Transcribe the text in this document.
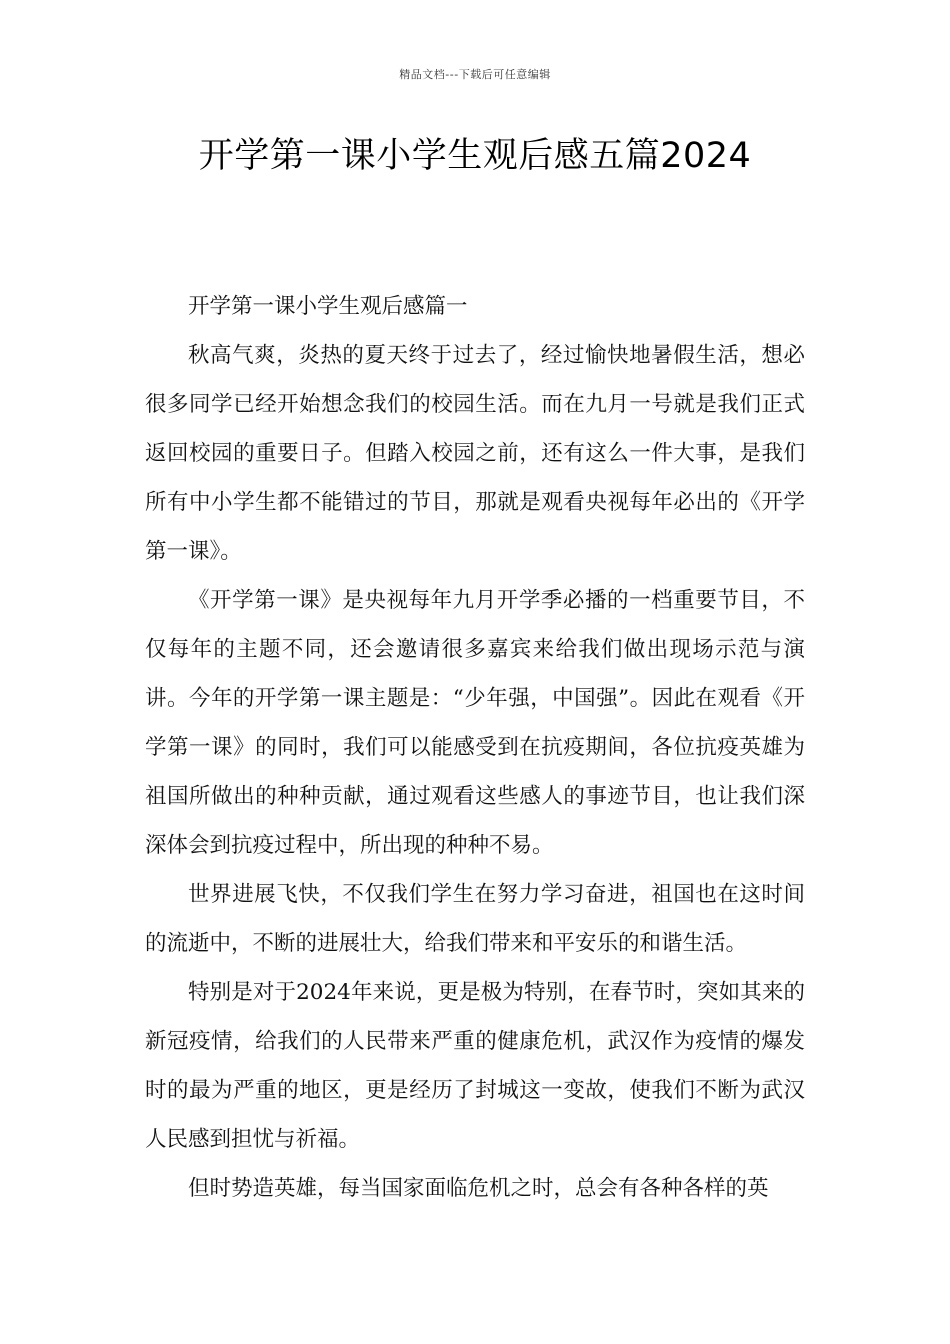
精品文档---下载后可任意编辑
开学第一课小学生观后感五篇2024

开学第一课小学生观后感篇一

秋高气爽，炎热的夏天终于过去了，经过愉快地暑假生活，想必很多同学已经开始想念我们的校园生活。而在九月一号就是我们正式返回校园的重要日子。但踏入校园之前，还有这么一件大事，是我们所有中小学生都不能错过的节目，那就是观看央视每年必出的《开学第一课》。

《开学第一课》是央视每年九月开学季必播的一档重要节目，不仅每年的主题不同，还会邀请很多嘉宾来给我们做出现场示范与演讲。今年的开学第一课主题是：“少年强，中国强”。因此在观看《开学第一课》的同时，我们可以能感受到在抗疫期间，各位抗疫英雄为祖国所做出的种种贡献，通过观看这些感人的事迹节目，也让我们深深体会到抗疫过程中，所出现的种种不易。

世界进展飞快，不仅我们学生在努力学习奋进，祖国也在这时间的流逝中，不断的进展壮大，给我们带来和平安乐的和谐生活。

特别是对于2024年来说，更是极为特别，在春节时，突如其来的新冠疫情，给我们的人民带来严重的健康危机，武汉作为疫情的爆发时的最为严重的地区，更是经历了封城这一变故，使我们不断为武汉人民感到担忧与祈福。

但时势造英雄，每当国家面临危机之时，总会有各种各样的英
